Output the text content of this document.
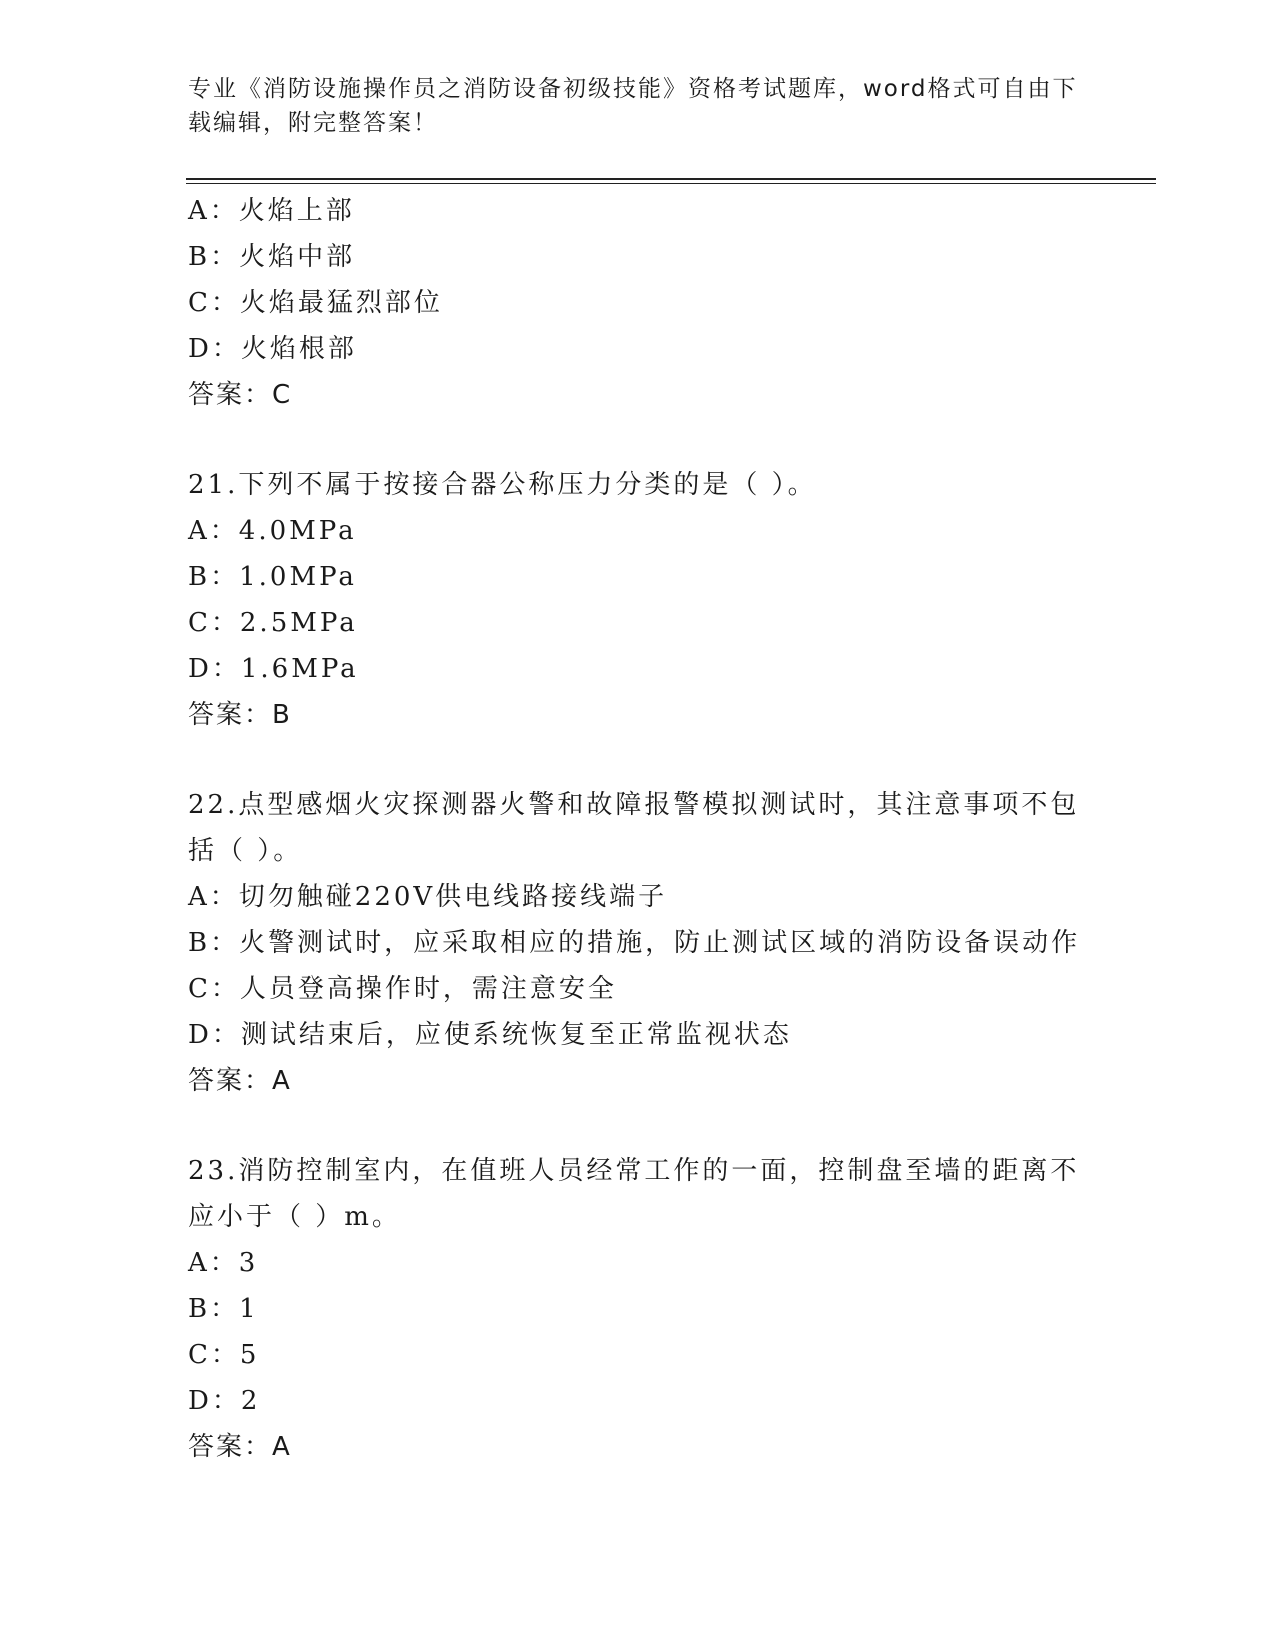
专业《消防设施操作员之消防设备初级技能》资格考试题库，word格式可自由下
载编辑，附完整答案！
A：火焰上部
B：火焰中部
C：火焰最猛烈部位
D：火焰根部
答案：C
21.下列不属于按接合器公称压力分类的是（ ）。
A：4.0MPa
B：1.0MPa
C：2.5MPa
D：1.6MPa
答案：B
22.点型感烟火灾探测器火警和故障报警模拟测试时，其注意事项不包
括（ ）。
A：切勿触碰220V供电线路接线端子
B：火警测试时，应采取相应的措施，防止测试区域的消防设备误动作
C：人员登高操作时，需注意安全
D：测试结束后，应使系统恢复至正常监视状态
答案：A
23.消防控制室内，在值班人员经常工作的一面，控制盘至墙的距离不
应小于（ ）m。
A：3
B：1
C：5
D：2
答案：A
